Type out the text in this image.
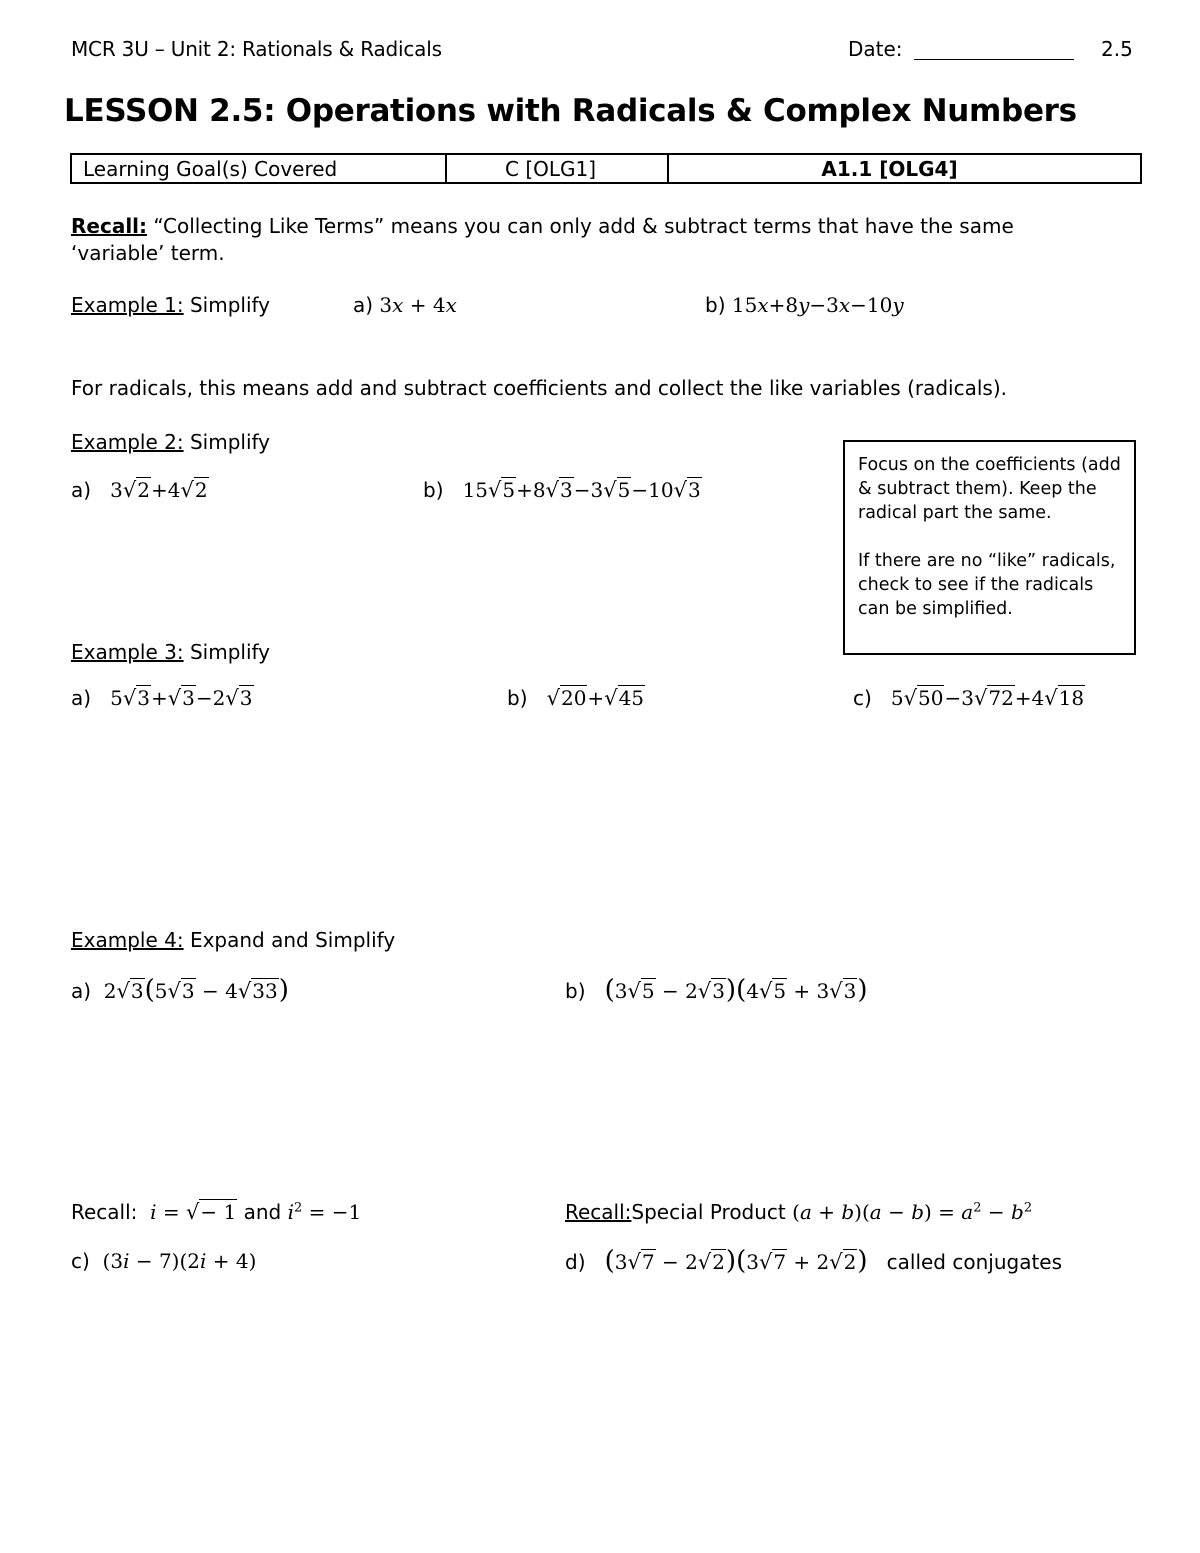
MCR 3U – Unit 2: Rationals & Radicals	Date:	2.5
LESSON 2.5: Operations with Radicals & Complex Numbers
Learning Goal(s) Covered	C [OLG1]	A1.1 [OLG4]
Recall: “Collecting Like Terms” means you can only add & subtract terms that have the same ‘variable’ term.
Example 1: Simplify	a) 3x + 4x	b) 15x+8y−3x−10y
For radicals, this means add and subtract coefficients and collect the like variables (radicals).
Example 2: Simplify
a) 3√2+4√2	b) 15√5+8√3−3√5−10√3

Focus on the coefficients (add & subtract them). Keep the radical part the same.

If there are no “like” radicals, check to see if the radicals can be simplified.

Example 3: Simplify
a) 5√3+√3−2√3	b) √20+√45	c) 5√50−3√72+4√18
Example 4: Expand and Simplify
a) 2√3(5√3 − 4√33)	b) (3√5 − 2√3)(4√5 + 3√3)
Recall: i = √− 1 and $i^2 = -1$	Recall:Special Product $(a + b)(a - b) = a^2 - b^2$
c) (3i − 7)(2i + 4)	d) (3√7 − 2√2)(3√7 + 2√2) called conjugates
